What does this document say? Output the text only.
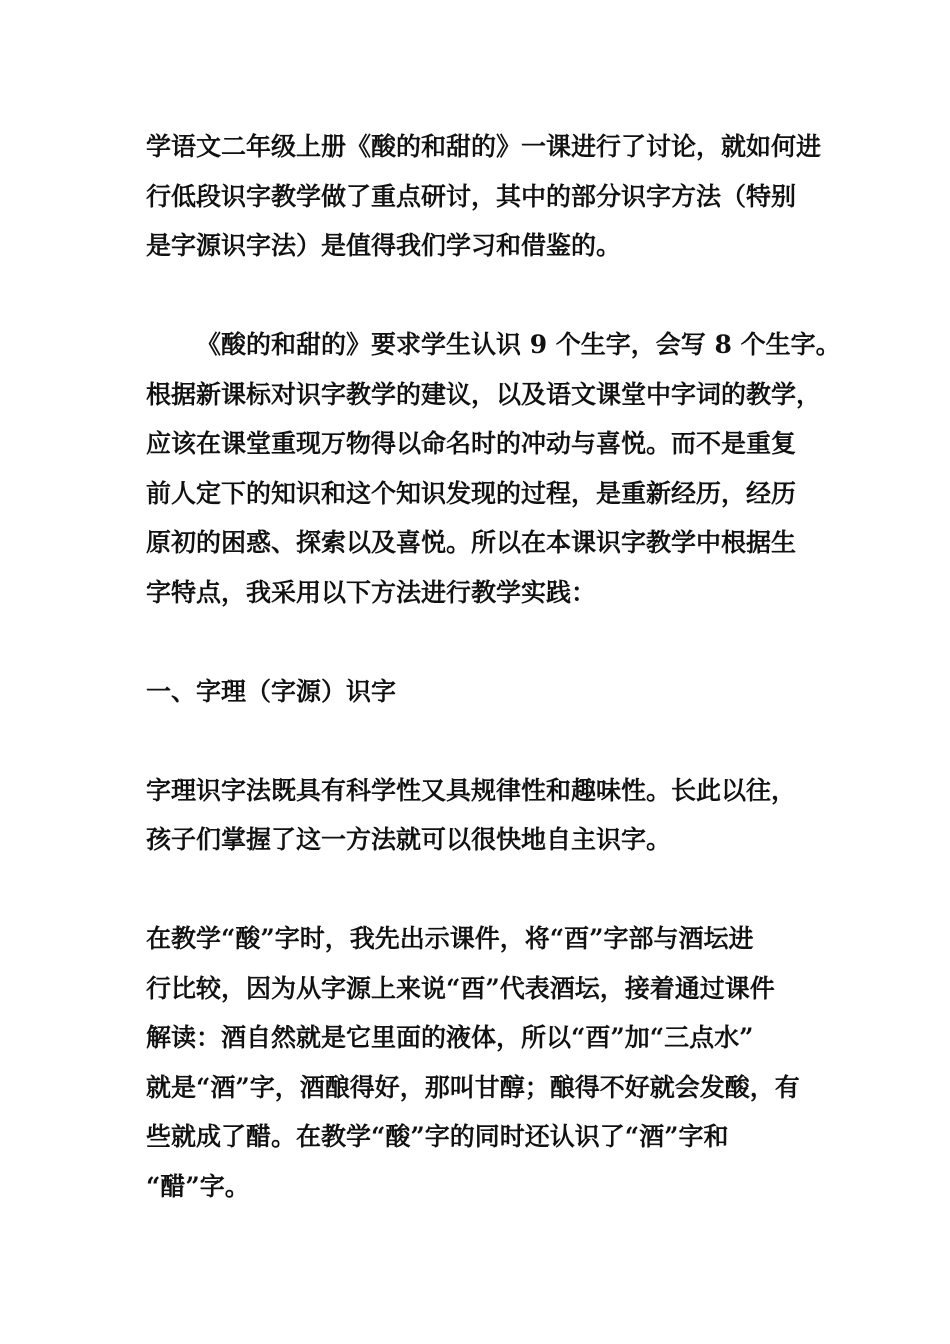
学语文二年级上册《酸的和甜的》一课进行了讨论，就如何进
行低段识字教学做了重点研讨，其中的部分识字方法（特别
是字源识字法）是值得我们学习和借鉴的。

《酸的和甜的》要求学生认识 9 个生字，会写 8 个生字。
根据新课标对识字教学的建议，以及语文课堂中字词的教学，
应该在课堂重现万物得以命名时的冲动与喜悦。而不是重复
前人定下的知识和这个知识发现的过程，是重新经历，经历
原初的困惑、探索以及喜悦。所以在本课识字教学中根据生
字特点，我采用以下方法进行教学实践：

一、字理（字源）识字

字理识字法既具有科学性又具规律性和趣味性。长此以往，
孩子们掌握了这一方法就可以很快地自主识字。

在教学“酸”字时，我先出示课件，将“酉”字部与酒坛进
行比较，因为从字源上来说“酉”代表酒坛，接着通过课件
解读：酒自然就是它里面的液体，所以“酉”加“三点水”
就是“酒”字，酒酿得好，那叫甘醇；酿得不好就会发酸，有
些就成了醋。在教学“酸”字的同时还认识了“酒”字和
“醋”字。
